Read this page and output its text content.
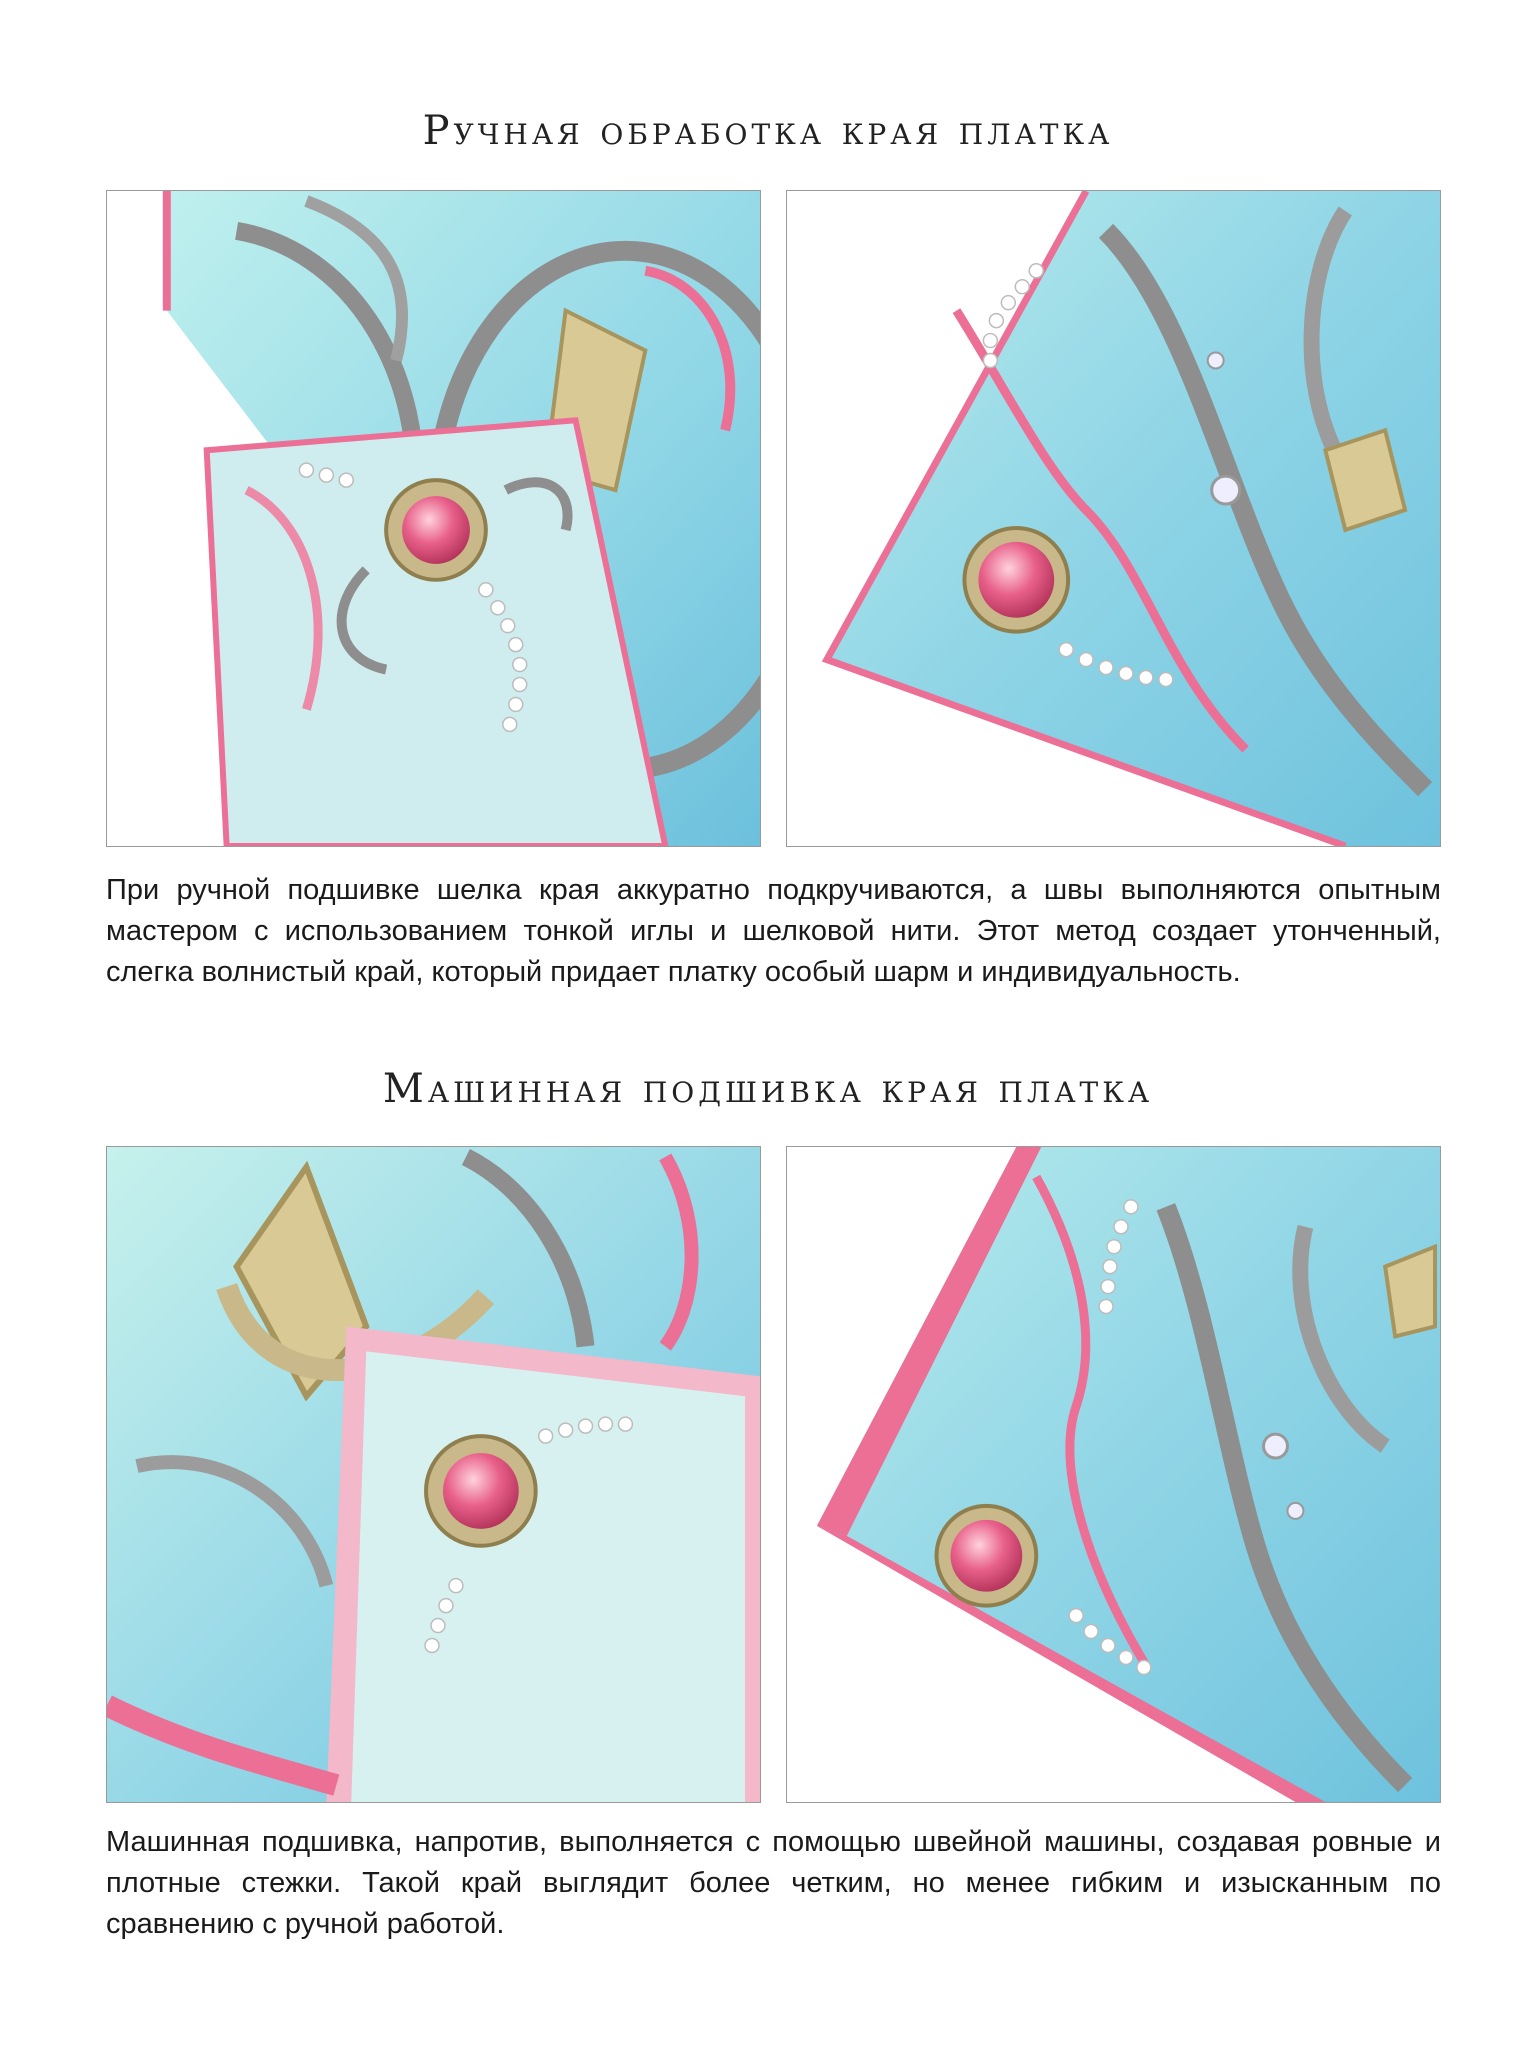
Ручная обработка края платка
При ручной подшивке шелка края аккуратно подкручиваются, а швы выполняются опытным мастером с использованием тонкой иглы и шелковой нити. Этот метод создает утонченный, слегка волнистый край, который придает платку особый шарм и индивидуальность.
Машинная подшивка края платка
Машинная подшивка, напротив, выполняется с помощью швейной машины, создавая ровные и плотные стежки. Такой край выглядит более четким, но менее гибким и изысканным по сравнению с ручной работой.
